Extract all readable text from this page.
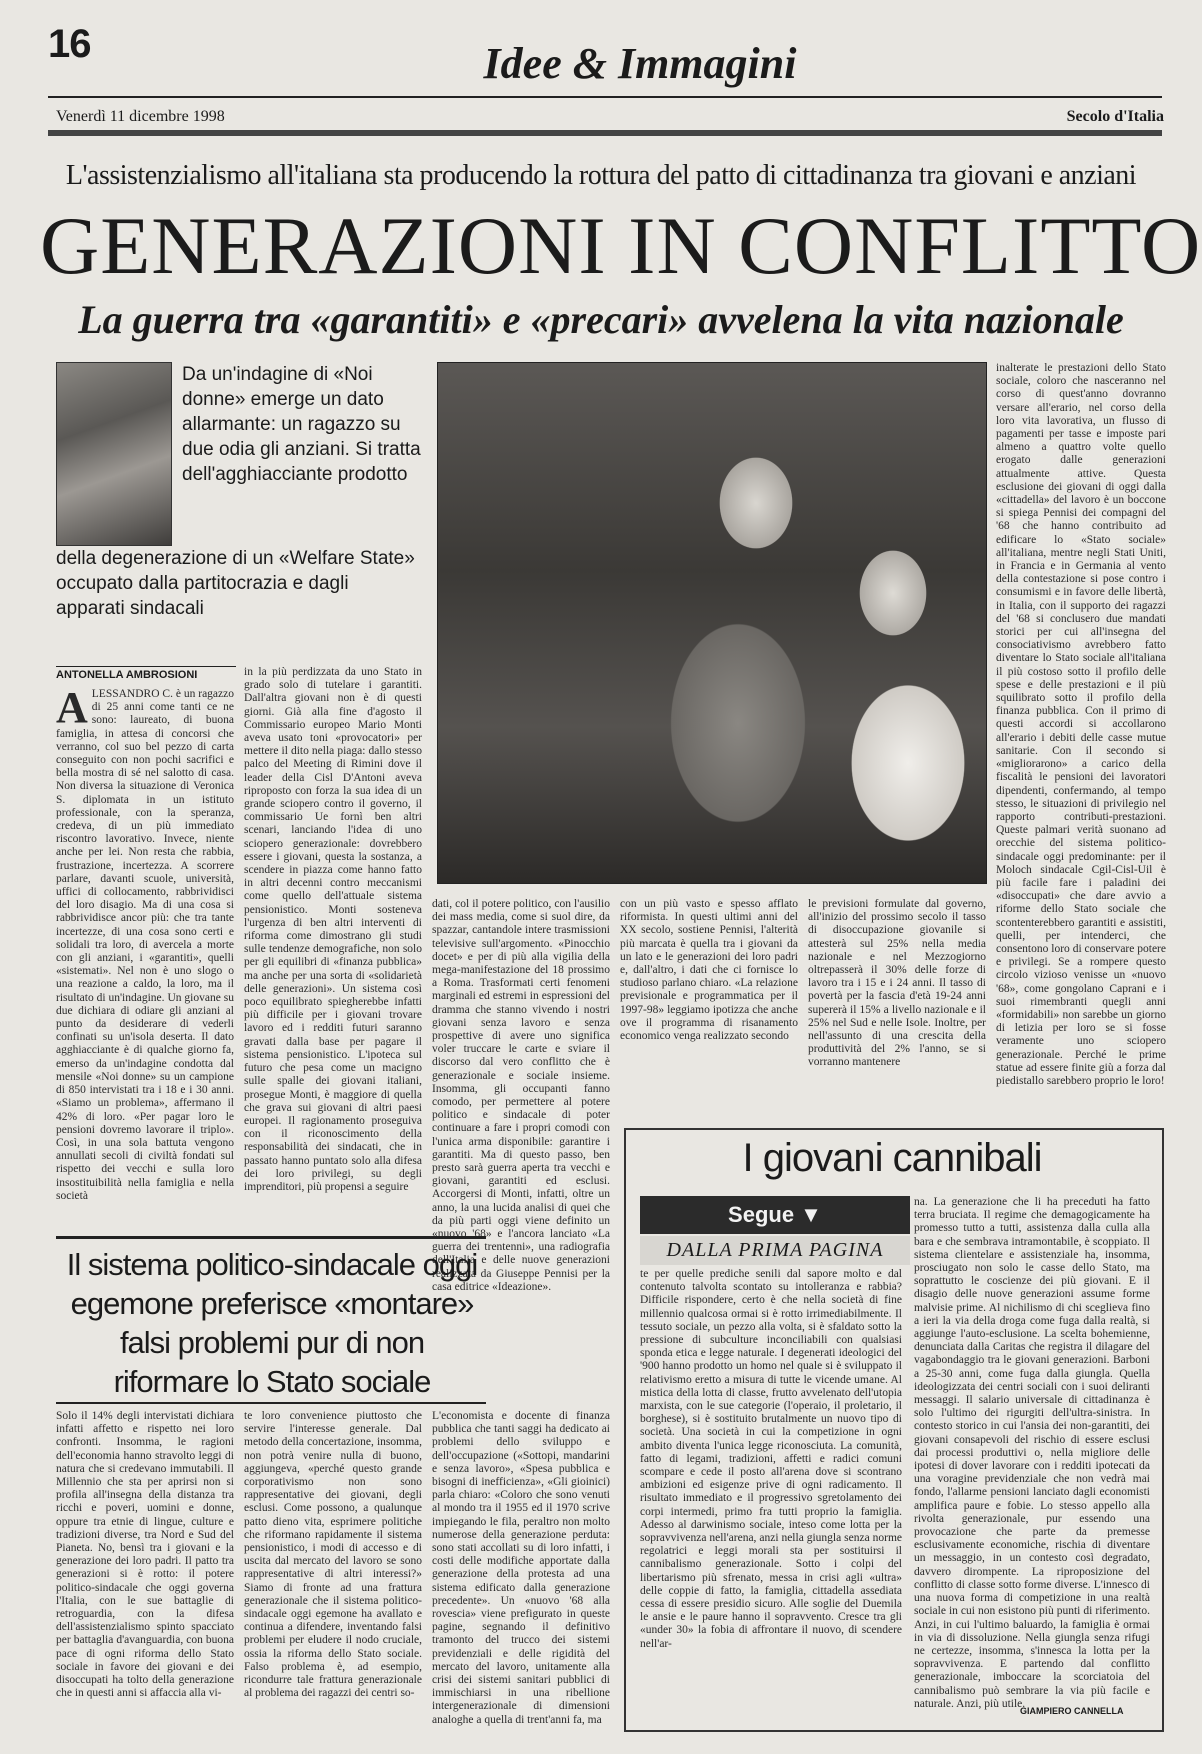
16	Idee & Immagini
Venerdì 11 dicembre 1998	Secolo d'Italia
L'assistenzialismo all'italiana sta producendo la rottura del patto di cittadinanza tra giovani e anziani
GENERAZIONI IN CONFLITTO
La guerra tra «garantiti» e «precari» avvelena la vita nazionale
Da un'indagine di «Noi donne» emerge un dato allarmante: un ragazzo su due odia gli anziani. Si tratta dell'agghiacciante prodotto
della degenerazione di un «Welfare State» occupato dalla partitocrazia e dagli apparati sindacali
ANTONELLA AMBROSIONI
ALESSANDRO C. è un ragazzo di 25 anni come tanti ce ne sono: laureato, di buona famiglia, in attesa di concorsi che verranno, col suo bel pezzo di carta conseguito con non pochi sacrifici e bella mostra di sé nel salotto di casa. Non diversa la situazione di Veronica S. diplomata in un istituto professionale, con la speranza, credeva, di un più immediato riscontro lavorativo. Invece, niente anche per lei. Non resta che rabbia, frustrazione, incertezza. A scorrere parlare, davanti scuole, università, uffici di collocamento, rabbrividisci del loro disagio. Ma di una cosa si rabbrividisce ancor più: che tra tante incertezze, di una cosa sono certi e solidali tra loro, di avercela a morte con gli anziani, i «garantiti», quelli «sistemati». Nel non è uno slogo o una reazione a caldo, la loro, ma il risultato di un'indagine. Un giovane su due dichiara di odiare gli anziani al punto da desiderare di vederli confinati su un'isola deserta. Il dato agghiacciante è di qualche giorno fa, emerso da un'indagine condotta dal mensile «Noi donne» su un campione di 850 intervistati tra i 18 e i 30 anni. «Siamo un problema», affermano il 42% di loro. «Per pagar loro le pensioni dovremo lavorare il triplo». Così, in una sola battuta vengono annullati secoli di civiltà fondati sul rispetto dei vecchi e sulla loro insostituibilità nella famiglia e nella società
in la più perdizzata da uno Stato in grado solo di tutelare i garantiti. Dall'altra giovani non è di questi giorni. Già alla fine d'agosto il Commissario europeo Mario Monti aveva usato toni «provocatori» per mettere il dito nella piaga: dallo stesso palco del Meeting di Rimini dove il leader della Cisl D'Antoni aveva riproposto con forza la sua idea di un grande sciopero contro il governo, il commissario Ue fornì ben altri scenari, lanciando l'idea di uno sciopero generazionale: dovrebbero essere i giovani, questa la sostanza, a scendere in piazza come hanno fatto in altri decenni contro meccanismi come quello dell'attuale sistema pensionistico. Monti sosteneva l'urgenza di ben altri interventi di riforma come dimostrano gli studi sulle tendenze demografiche, non solo per gli equilibri di «finanza pubblica» ma anche per una sorta di «solidarietà delle generazioni». Un sistema così poco equilibrato spiegherebbe infatti più difficile per i giovani trovare lavoro ed i redditi futuri saranno gravati dalla base per pagare il sistema pensionistico. L'ipoteca sul futuro che pesa come un macigno sulle spalle dei giovani italiani, prosegue Monti, è maggiore di quella che grava sui giovani di altri paesi europei. Il ragionamento proseguiva con il riconoscimento della responsabilità dei sindacati, che in passato hanno puntato solo alla difesa dei loro privilegi, su degli imprenditori, più propensi a seguire
dati, col il potere politico, con l'ausilio dei mass media, come si suol dire, da spazzar, cantandole intere trasmissioni televisive sull'argomento. «Pinocchio docet» e per di più alla vigilia della mega-manifestazione del 18 prossimo a Roma. Trasformati certi fenomeni marginali ed estremi in espressioni del dramma che stanno vivendo i nostri giovani senza lavoro e senza prospettive di avere uno significa voler truccare le carte e sviare il discorso dal vero conflitto che è generazionale e sociale insieme. Insomma, gli occupanti fanno comodo, per permettere al potere politico e sindacale di poter continuare a fare i propri comodi con l'unica arma disponibile: garantire i garantiti. Ma di questo passo, ben presto sarà guerra aperta tra vecchi e giovani, garantiti ed esclusi. Accorgersi di Monti, infatti, oltre un anno, la una lucida analisi di quei che da più parti oggi viene definito un «nuovo '68» e l'ancora lanciato «La guerra dei trentenni», una radiografia dell'Italia e delle nuove generazioni realizzata da Giuseppe Pennisi per la casa editrice «Ideazione».
con un più vasto e spesso afflato riformista. In questi ultimi anni del XX secolo, sostiene Pennisi, l'alterità più marcata è quella tra i giovani da un lato e le generazioni dei loro padri e, dall'altro, i dati che ci fornisce lo studioso parlano chiaro. «La relazione previsionale e programmatica per il 1997-98» leggiamo ipotizza che anche ove il programma di risanamento economico venga realizzato secondo
le previsioni formulate dal governo, all'inizio del prossimo secolo il tasso di disoccupazione giovanile si attesterà sul 25% nella media nazionale e nel Mezzogiorno oltrepasserà il 30% delle forze di lavoro tra i 15 e i 24 anni. Il tasso di povertà per la fascia d'età 19-24 anni supererà il 15% a livello nazionale e il 25% nel Sud e nelle Isole. Inoltre, per nell'assunto di una crescita della produttività del 2% l'anno, se si vorranno mantenere
inalterate le prestazioni dello Stato sociale, coloro che nasceranno nel corso di quest'anno dovranno versare all'erario, nel corso della loro vita lavorativa, un flusso di pagamenti per tasse e imposte pari almeno a quattro volte quello erogato dalle generazioni attualmente attive. Questa esclusione dei giovani di oggi dalla «cittadella» del lavoro è un boccone si spiega Pennisi dei compagni del '68 che hanno contribuito ad edificare lo «Stato sociale» all'italiana, mentre negli Stati Uniti, in Francia e in Germania al vento della contestazione si pose contro i consumismi e in favore delle libertà, in Italia, con il supporto dei ragazzi del '68 si conclusero due mandati storici per cui all'insegna del consociativismo avrebbero fatto diventare lo Stato sociale all'italiana il più costoso sotto il profilo delle spese e delle prestazioni e il più squilibrato sotto il profilo della finanza pubblica. Con il primo di questi accordi si accollarono all'erario i debiti delle casse mutue sanitarie. Con il secondo si «migliorarono» a carico della fiscalità le pensioni dei lavoratori dipendenti, confermando, al tempo stesso, le situazioni di privilegio nel rapporto contributi-prestazioni. Queste palmari verità suonano ad orecchie del sistema politico-sindacale oggi predominante: per il Moloch sindacale Cgil-Cisl-Uil è più facile fare i paladini dei «disoccupati» che dare avvio a riforme dello Stato sociale che scontenterebbero garantiti e assistiti, quelli, per intenderci, che consentono loro di conservare potere e privilegi. Se a rompere questo circolo vizioso venisse un «nuovo '68», come gongolano Caprani e i suoi rimembranti quegli anni «formidabili» non sarebbe un giorno di letizia per loro se si fosse veramente uno sciopero generazionale. Perché le prime statue ad essere finite giù a forza dal piedistallo sarebbero proprio le loro!
Il sistema politico-sindacale oggi egemone preferisce «montare» falsi problemi pur di non riformare lo Stato sociale
Solo il 14% degli intervistati dichiara infatti affetto e rispetto nei loro confronti. Insomma, le ragioni dell'economia hanno stravolto leggi di natura che si credevano immutabili. Il Millennio che sta per aprirsi non si profila all'insegna della distanza tra ricchi e poveri, uomini e donne, oppure tra etnie di lingue, culture e tradizioni diverse, tra Nord e Sud del Pianeta. No, bensì tra i giovani e la generazione dei loro padri. Il patto tra generazioni si è rotto: il potere politico-sindacale che oggi governa l'Italia, con le sue battaglie di retroguardia, con la difesa dell'assistenzialismo spinto spacciato per battaglia d'avanguardia, con buona pace di ogni riforma dello Stato sociale in favore dei giovani e dei disoccupati ha tolto della generazione che in questi anni si affaccia alla vi-
te loro convenience piuttosto che servire l'interesse generale. Dal metodo della concertazione, insomma, non potrà venire nulla di buono, aggiungeva, «perché questo grande corporativismo non sono rappresentative dei giovani, degli esclusi. Come possono, a qualunque patto dieno vita, esprimere politiche che riformano rapidamente il sistema pensionistico, i modi di accesso e di uscita dal mercato del lavoro se sono rappresentative di altri interessi?» Siamo di fronte ad una frattura generazionale che il sistema politico-sindacale oggi egemone ha avallato e continua a difendere, inventando falsi problemi per eludere il nodo cruciale, ossia la riforma dello Stato sociale. Falso problema è, ad esempio, ricondurre tale frattura generazionale al problema dei ragazzi dei centri so-
L'economista e docente di finanza pubblica che tanti saggi ha dedicato ai problemi dello sviluppo e dell'occupazione («Sottopi, mandarini e senza lavoro», «Spesa pubblica e bisogni di inefficienza», «Gli gioinici) parla chiaro: «Coloro che sono venuti al mondo tra il 1955 ed il 1970 scrive impiegando le fila, peraltro non molto numerose della generazione perduta: sono stati accollati su di loro infatti, i costi delle modifiche apportate dalla generazione della protesta ad una sistema edificato dalla generazione precedente». Un «nuovo '68 alla rovescia» viene prefigurato in queste pagine, segnando il definitivo tramonto del trucco dei sistemi previdenziali e delle rigidità del mercato del lavoro, unitamente alla crisi dei sistemi sanitari pubblici di immischiarsi in una ribellione intergenerazionale di dimensioni analoghe a quella di trent'anni fa, ma
I giovani cannibali
Segue ▼
DALLA PRIMA PAGINA
te per quelle prediche senili dal sapore molto e dal contenuto talvolta scontato su intolleranza e rabbia? Difficile rispondere, certo è che nella società di fine millennio qualcosa ormai si è rotto irrimediabilmente. Il tessuto sociale, un pezzo alla volta, si è sfaldato sotto la pressione di subculture inconciliabili con qualsiasi sponda etica e legge naturale. I degenerati ideologici del '900 hanno prodotto un homo nel quale si è sviluppato il relativismo eretto a misura di tutte le vicende umane. Al mistica della lotta di classe, frutto avvelenato dell'utopia marxista, con le sue categorie (l'operaio, il proletario, il borghese), si è sostituito brutalmente un nuovo tipo di società. Una società in cui la competizione in ogni ambito diventa l'unica legge riconosciuta. La comunità, fatto di legami, tradizioni, affetti e radici comuni scompare e cede il posto all'arena dove si scontrano ambizioni ed esigenze prive di ogni radicamento. Il risultato immediato e il progressivo sgretolamento dei corpi intermedi, primo fra tutti proprio la famiglia. Adesso al darwinismo sociale, inteso come lotta per la sopravvivenza nell'arena, anzi nella giungla senza norme regolatrici e leggi morali sta per sostituirsi il cannibalismo generazionale. Sotto i colpi del libertarismo più sfrenato, messa in crisi agli «ultra» delle coppie di fatto, la famiglia, cittadella assediata cessa di essere presidio sicuro. Alle soglie del Duemila le ansie e le paure hanno il sopravvento. Cresce tra gli «under 30» la fobia di affrontare il nuovo, di scendere nell'ar-
na. La generazione che li ha preceduti ha fatto terra bruciata. Il regime che demagogicamente ha promesso tutto a tutti, assistenza dalla culla alla bara e che sembrava intramontabile, è scoppiato. Il sistema clientelare e assistenziale ha, insomma, prosciugato non solo le casse dello Stato, ma soprattutto le coscienze dei più giovani. E il disagio delle nuove generazioni assume forme malvisie prime. Al nichilismo di chi sceglieva fino a ieri la via della droga come fuga dalla realtà, si aggiunge l'auto-esclusione. La scelta bohemienne, denunciata dalla Caritas che registra il dilagare del vagabondaggio tra le giovani generazioni. Barboni a 25-30 anni, come fuga dalla giungla. Quella ideologizzata dei centri sociali con i suoi deliranti messaggi. Il salario universale di cittadinanza è solo l'ultimo dei rigurgiti dell'ultra-sinistra. In contesto storico in cui l'ansia dei non-garantiti, dei giovani consapevoli del rischio di essere esclusi dai processi produttivi o, nella migliore delle ipotesi di dover lavorare con i redditi ipotecati da una voragine previdenziale che non vedrà mai fondo, l'allarme pensioni lanciato dagli economisti amplifica paure e fobie. Lo stesso appello alla rivolta generazionale, pur essendo una provocazione che parte da premesse esclusivamente economiche, rischia di diventare un messaggio, in un contesto così degradato, davvero dirompente. La riproposizione del conflitto di classe sotto forme diverse. L'innesco di una nuova forma di competizione in una realtà sociale in cui non esistono più punti di riferimento. Anzi, in cui l'ultimo baluardo, la famiglia è ormai in via di dissoluzione. Nella giungla senza rifugi ne certezze, insomma, s'innesca la lotta per la sopravvivenza. E partendo dal conflitto generazionale, imboccare la scorciatoia del cannibalismo può sembrare la via più facile e naturale. Anzi, più utile.
GIAMPIERO CANNELLA
